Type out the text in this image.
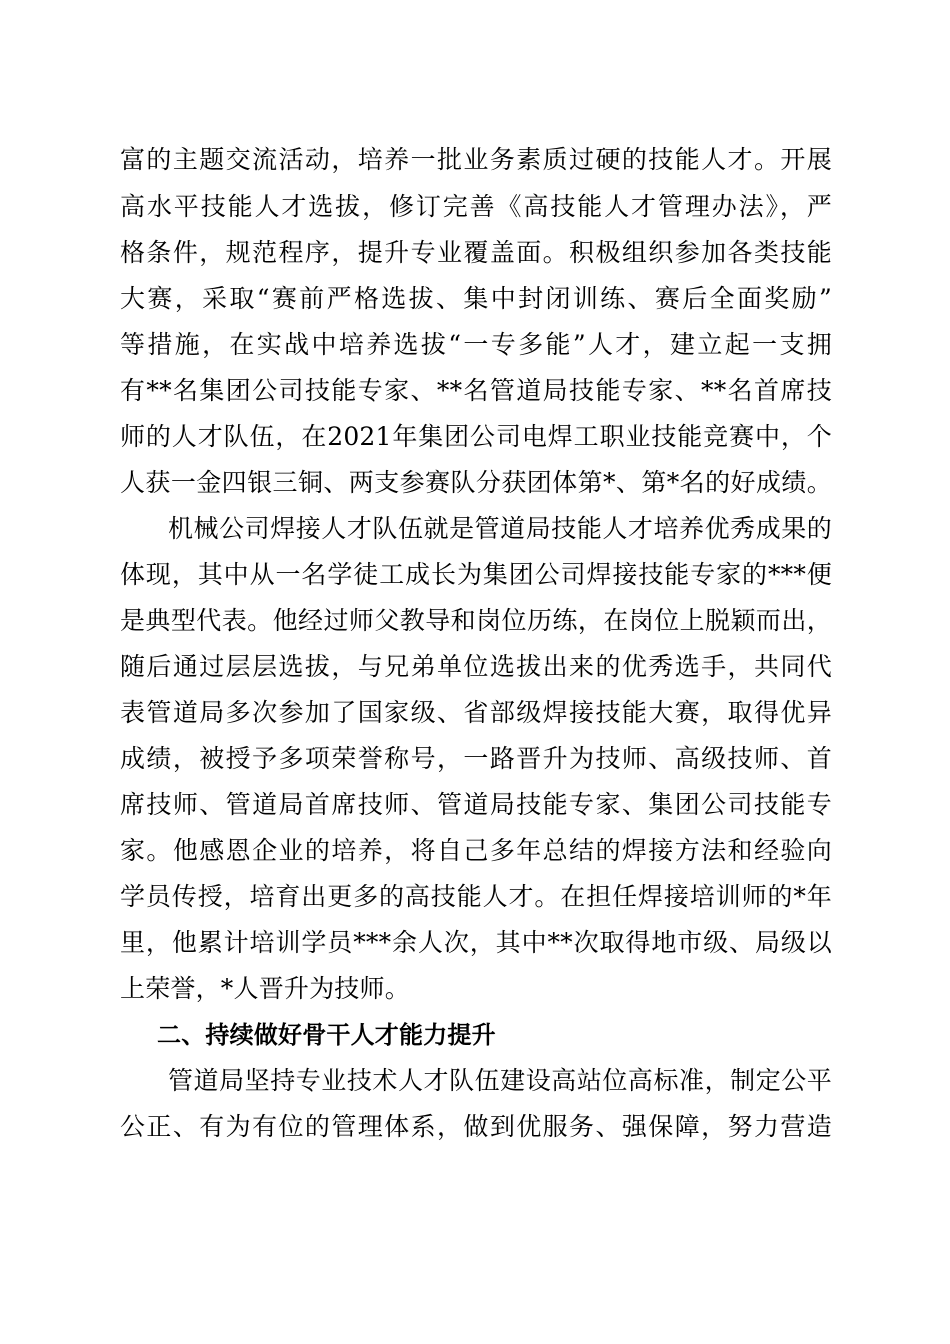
富的主题交流活动，培养一批业务素质过硬的技能人才。开展
高水平技能人才选拔，修订完善《高技能人才管理办法》，严
格条件，规范程序，提升专业覆盖面。积极组织参加各类技能
大赛，采取“赛前严格选拔、集中封闭训练、赛后全面奖励”
等措施，在实战中培养选拔“一专多能”人才，建立起一支拥
有**名集团公司技能专家、**名管道局技能专家、**名首席技
师的人才队伍，在2021年集团公司电焊工职业技能竞赛中，个
人获一金四银三铜、两支参赛队分获团体第*、第*名的好成绩。
机械公司焊接人才队伍就是管道局技能人才培养优秀成果的
体现，其中从一名学徒工成长为集团公司焊接技能专家的***便
是典型代表。他经过师父教导和岗位历练，在岗位上脱颖而出，
随后通过层层选拔，与兄弟单位选拔出来的优秀选手，共同代
表管道局多次参加了国家级、省部级焊接技能大赛，取得优异
成绩，被授予多项荣誉称号，一路晋升为技师、高级技师、首
席技师、管道局首席技师、管道局技能专家、集团公司技能专
家。他感恩企业的培养，将自己多年总结的焊接方法和经验向
学员传授，培育出更多的高技能人才。在担任焊接培训师的*年
里，他累计培训学员***余人次，其中**次取得地市级、局级以
上荣誉，*人晋升为技师。
二、持续做好骨干人才能力提升
管道局坚持专业技术人才队伍建设高站位高标准，制定公平
公正、有为有位的管理体系，做到优服务、强保障，努力营造
